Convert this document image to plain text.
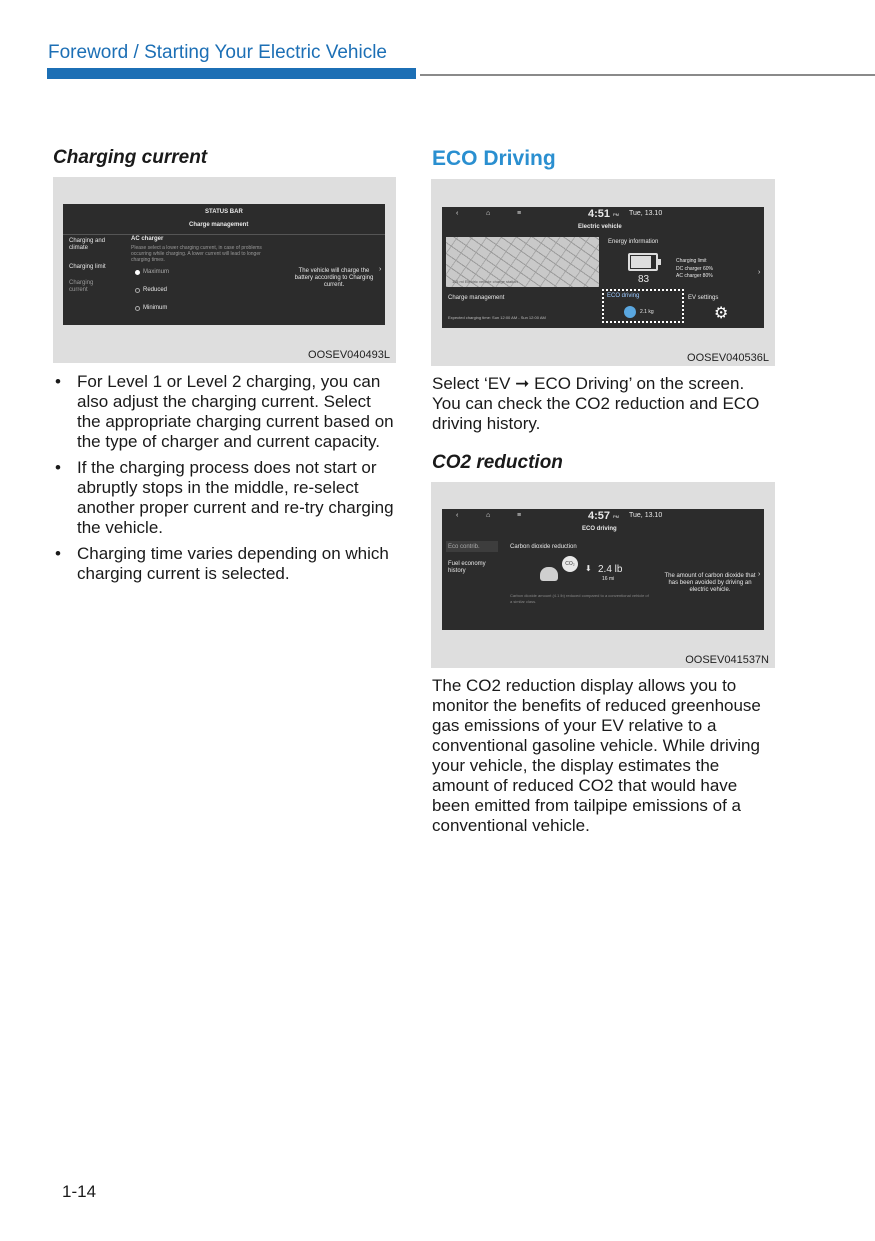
Foreword / Starting Your Electric Vehicle
Charging current
STATUS BAR
Charge management
Charging and climate
Charging limit
Charging current
AC charger
Please select a lower charging current, in case of problems occurring while charging. A lower current will lead to longer charging times.
Maximum
Reduced
Minimum
The vehicle will charge the battery according to Charging current.
›
OOSEV040493L
• For Level 1 or Level 2 charging, you can also adjust the charging current. Select the appropriate charging current based on the type of charger and current capacity.
• If the charging process does not start or abruptly stops in the middle, re-select another proper current and re-try charging the vehicle.
• Charging time varies depending on which charging current is selected.
ECO Driving
‹	⌂	≡	4:51 PM Tue, 13.10
Electric vehicle
115 mi Electric vehicle charge station
Energy information
83
Charging limit
DC charger 60%
AC charger 80%
Charge management
Expected charging time: Sun 12:00 AM - Sun 12:00 AM
ECO driving
2.1 kg
EV settings
⚙
›
OOSEV040536L
Select ‘EV ➞ ECO Driving’ on the screen. You can check the CO2 reduction and ECO driving history.
CO2 reduction
‹	⌂	≡	4:57 PM Tue, 13.10
ECO driving
Eco contrib.
Fuel economy history
Carbon dioxide reduction
CO₂	⬇ 2.4 lb
16 mi
Carbon dioxide amount (4.1 lb) reduced compared to a conventional vehicle of a similar class.
The amount of carbon dioxide that has been avoided by driving an electric vehicle.
›
OOSEV041537N
The CO2 reduction display allows you to monitor the benefits of reduced greenhouse gas emissions of your EV relative to a conventional gasoline vehicle. While driving your vehicle, the display estimates the amount of reduced CO2 that would have been emitted from tailpipe emissions of a conventional vehicle.
1-14
